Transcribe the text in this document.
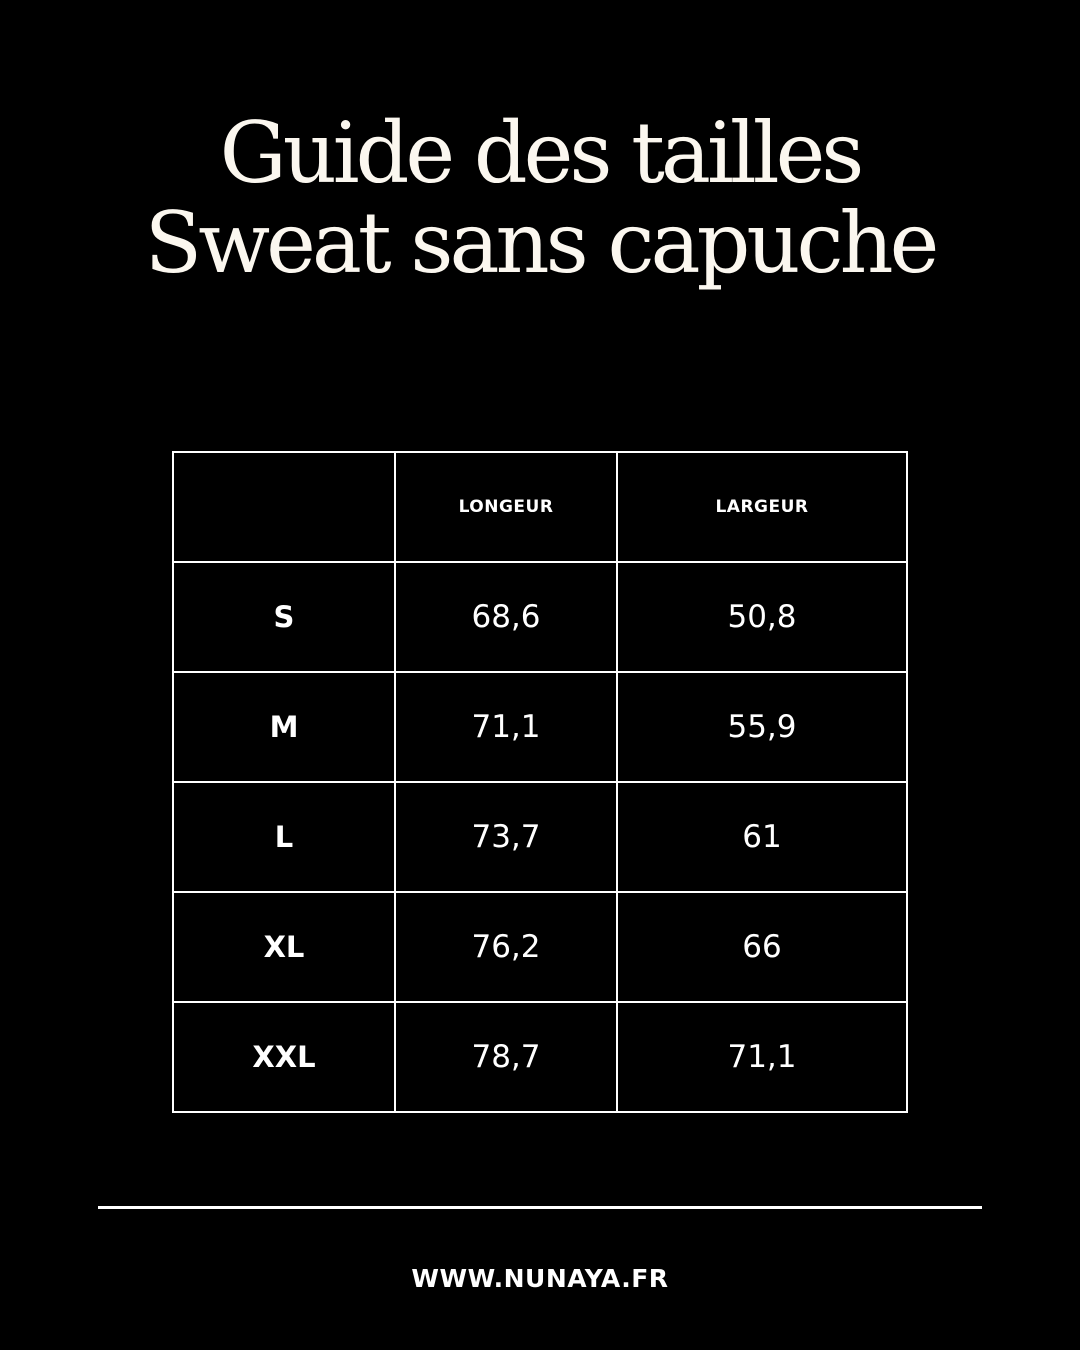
Guide des tailles
Sweat sans capuche
	LONGEUR	LARGEUR
S	68,6	50,8
M	71,1	55,9
L	73,7	61
XL	76,2	66
XXL	78,7	71,1
WWW.NUNAYA.FR
